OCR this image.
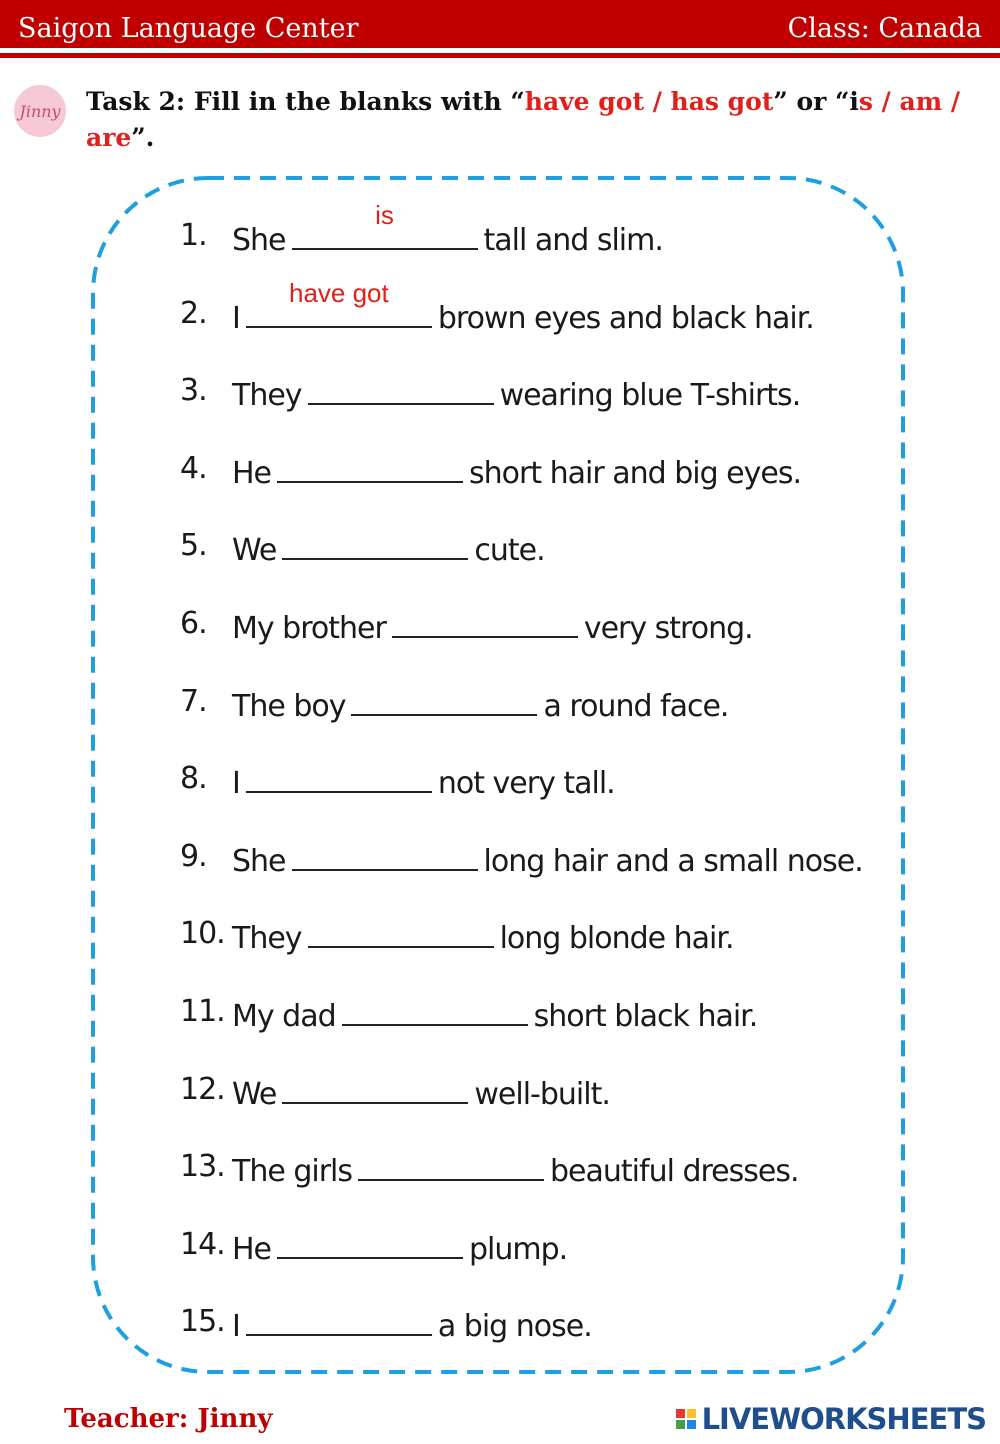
Saigon Language Center	Class: Canada
Jinny Task 2: Fill in the blanks with “have got / has got” or “is / am / are”.
1. She
is
tall and slim.
2. I
have got
brown eyes and black hair.
3. They	wearing blue T-shirts.
4. He	short hair and big eyes.
5. We	cute.
6. My brother	very strong.
7. The boy	a round face.
8. I	not very tall.
9. She	long hair and a small nose.
10. They	long blonde hair.
11. My dad	short black hair.
12. We	well-built.
13. The girls	beautiful dresses.
14. He	plump.
15. I	a big nose.
Teacher: Jinny	LIVEWORKSHEETS
